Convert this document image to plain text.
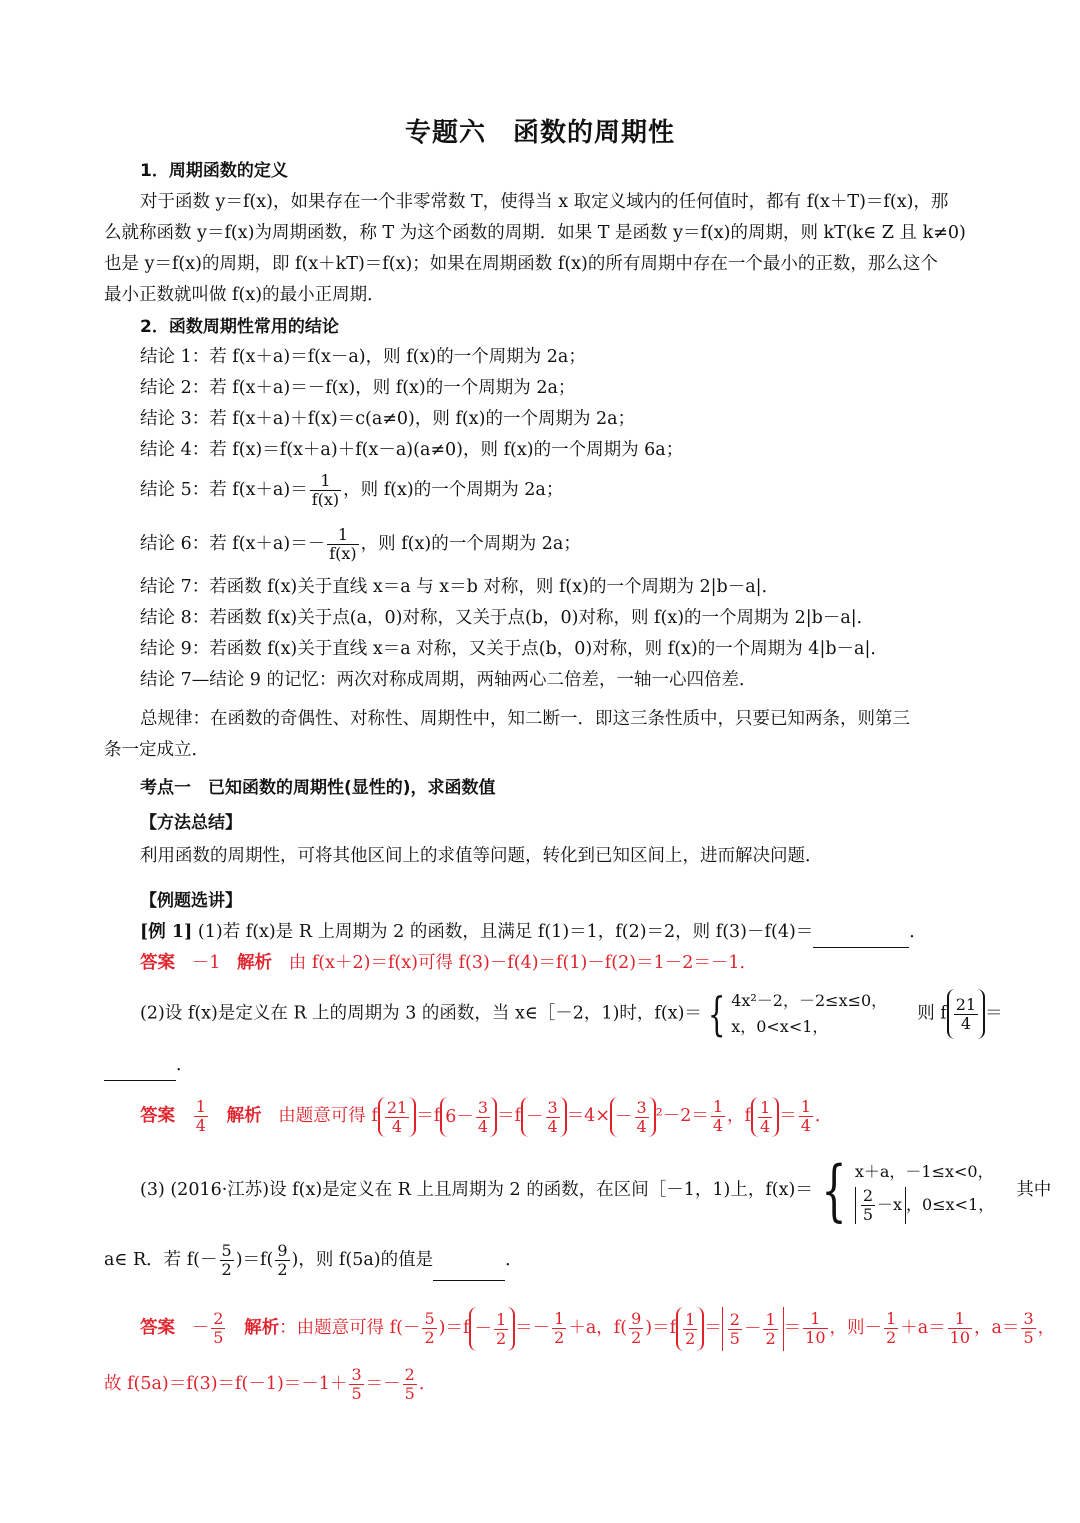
专题六　函数的周期性
1．周期函数的定义
对于函数 y＝f(x)，如果存在一个非零常数 T，使得当 x 取定义域内的任何值时，都有 f(x＋T)＝f(x)，那
么就称函数 y＝f(x)为周期函数，称 T 为这个函数的周期．如果 T 是函数 y＝f(x)的周期，则 kT(k∈ Z 且 k≠0)
也是 y＝f(x)的周期，即 f(x＋kT)＝f(x)；如果在周期函数 f(x)的所有周期中存在一个最小的正数，那么这个
最小正数就叫做 f(x)的最小正周期．
2．函数周期性常用的结论
结论 1：若 f(x＋a)＝f(x－a)，则 f(x)的一个周期为 2a；
结论 2：若 f(x＋a)＝－f(x)，则 f(x)的一个周期为 2a；
结论 3：若 f(x＋a)＋f(x)＝c(a≠0)，则 f(x)的一个周期为 2a；
结论 4：若 f(x)＝f(x＋a)＋f(x－a)(a≠0)，则 f(x)的一个周期为 6a；
结论 5：若 $f(x+a)= \frac{1}{f(x)}$ ，则 f(x)的一个周期为 2a；
结论 6：若 $f(x+a)=- \frac{1}{f(x)}$ ，则 f(x)的一个周期为 2a；
结论 7：若函数 f(x)关于直线 x＝a 与 x＝b 对称，则 f(x)的一个周期为 2|b－a|．
结论 8：若函数 f(x)关于点(a，0)对称，又关于点(b，0)对称，则 f(x)的一个周期为 2|b－a|．
结论 9：若函数 f(x)关于直线 x＝a 对称，又关于点(b，0)对称，则 f(x)的一个周期为 4|b－a|．
结论 7—结论 9 的记忆：两次对称成周期，两轴两心二倍差，一轴一心四倍差．
总规律：在函数的奇偶性、对称性、周期性中，知二断一．即这三条性质中，只要已知两条，则第三
条一定成立．
考点一　已知函数的周期性(显性的)，求函数值
【方法总结】
利用函数的周期性，可将其他区间上的求值等问题，转化到已知区间上，进而解决问题．
【例题选讲】
[例 1] (1)若 f(x)是 R 上周期为 2 的函数，且满足 f(1)＝1，f(2)＝2，则 f(3)－f(4)＝	．
答案 －1 解析 由 f(x＋2)＝f(x)可得 f(3)－f(4)＝f(1)－f(2)＝1－2＝－1．
(2)设 f(x)是定义在 R 上的周期为 3 的函数，当 x∈［－2，1)时，f(x)＝ { 4x²－2，－2≤x≤0，
x，0<x<1，
则 f $\frac{21}{4}$ ＝
．
答案 $\frac{1}{4}$ 解析 由题意可得 f $\frac{21}{4} =f$ $6- \frac{3}{4} =f - \frac{3}{4} =4\times - \frac{3}{4} ^2-2= \frac{1}{4}$ ，f $\frac{1}{4} = \frac{1}{4}$ ．
(3) (2016·江苏)设 f(x)是定义在 R 上且周期为 2 的函数，在区间［－1，1)上，f(x)＝ { x＋a，－1≤x<0，
$\frac{2}{5} -x$ ，0≤x<1，
其中
a∈ R．若 $f(- \frac{5}{2} )=f( \frac{9}{2}$ )，则 f(5a)的值是	．
答案 － $\frac{2}{5}$ 解析：由题意可得 $f(- \frac{5}{2} )=f - \frac{1}{2} =- \frac{1}{2} +a$，$f( \frac{9}{2} )=f \frac{1}{2} = \frac{2}{5} - \frac{1}{2} = \frac{1}{10}$ ，则－ $\frac{1}{2} +a= \frac{1}{10}$ ，$a= \frac{3}{5}$ ，
故 $f(5a)=f(3)=f(-1)=-1+ \frac{3}{5} =- \frac{2}{5}$ ．
